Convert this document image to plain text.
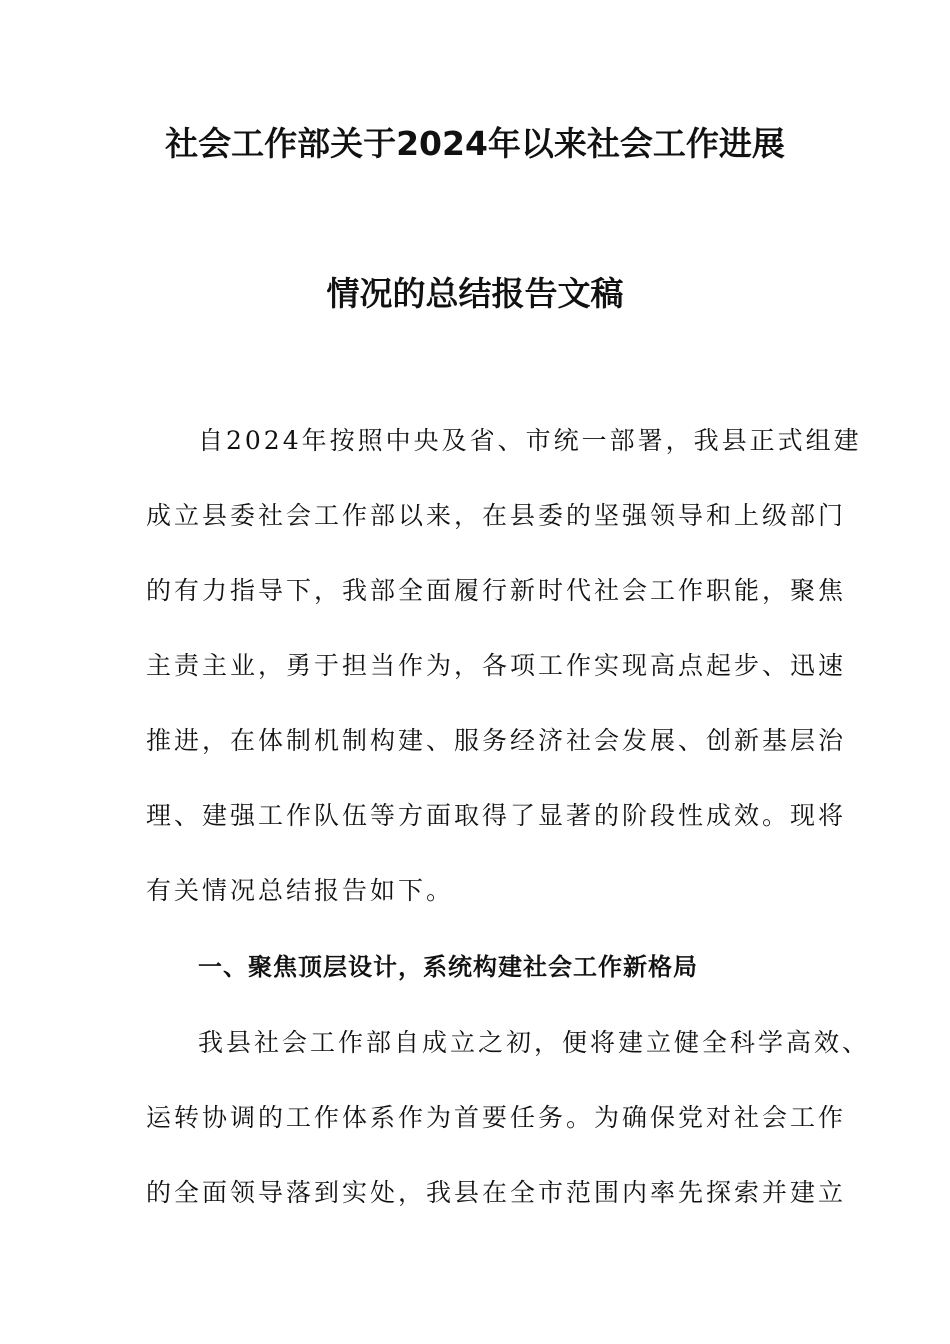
社会工作部关于2024年以来社会工作进展
情况的总结报告文稿
自2024年按照中央及省、市统一部署，我县正式组建
成立县委社会工作部以来，在县委的坚强领导和上级部门
的有力指导下，我部全面履行新时代社会工作职能，聚焦
主责主业，勇于担当作为，各项工作实现高点起步、迅速
推进，在体制机制构建、服务经济社会发展、创新基层治
理、建强工作队伍等方面取得了显著的阶段性成效。现将
有关情况总结报告如下。
一、聚焦顶层设计，系统构建社会工作新格局
我县社会工作部自成立之初，便将建立健全科学高效、
运转协调的工作体系作为首要任务。为确保党对社会工作
的全面领导落到实处，我县在全市范围内率先探索并建立
